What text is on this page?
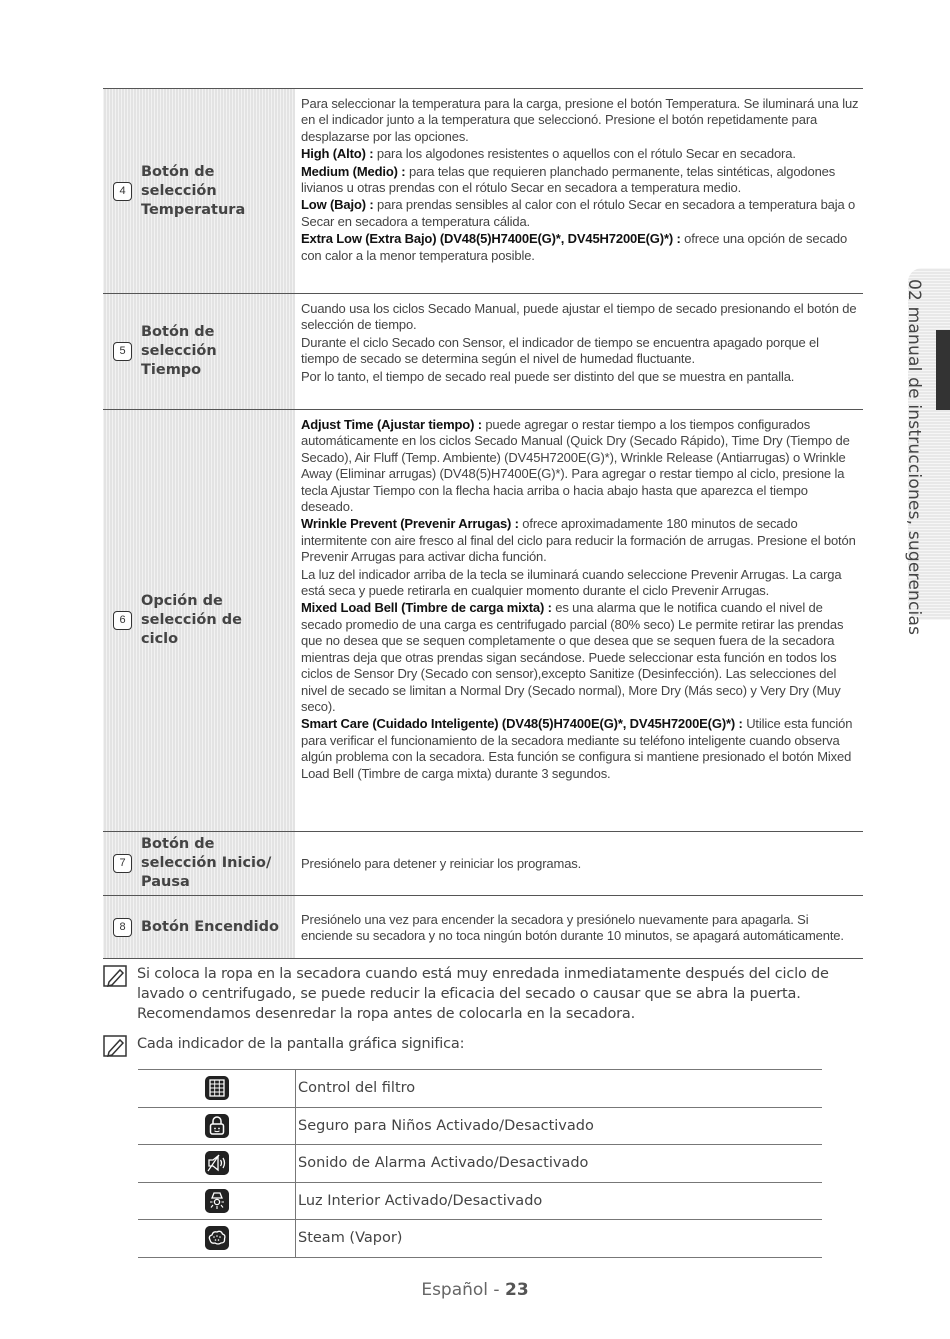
02 manual de instrucciones, sugerencias
4
Botón de
selección
Temperatura

Para seleccionar la temperatura para la carga, presione el botón Temperatura. Se iluminará una luz en el indicador junto a la temperatura que seleccionó. Presione el botón repetidamente para desplazarse por las opciones.

High (Alto) : para los algodones resistentes o aquellos con el rótulo Secar en secadora.

Medium (Medio) : para telas que requieren planchado permanente, telas sintéticas, algodones livianos u otras prendas con el rótulo Secar en secadora a temperatura medio.

Low (Bajo) : para prendas sensibles al calor con el rótulo Secar en secadora a temperatura baja o Secar en secadora a temperatura cálida.

Extra Low (Extra Bajo) (DV48(5)H7400E(G)*, DV45H7200E(G)*) : ofrece una opción de secado con calor a la menor temperatura posible.

5
Botón de
selección
Tiempo

Cuando usa los ciclos Secado Manual, puede ajustar el tiempo de secado presionando el botón de selección de tiempo.

Durante el ciclo Secado con Sensor, el indicador de tiempo se encuentra apagado porque el tiempo de secado se determina según el nivel de humedad fluctuante.

Por lo tanto, el tiempo de secado real puede ser distinto del que se muestra en pantalla.

6
Opción de
selección de
ciclo

Adjust Time (Ajustar tiempo) : puede agregar o restar tiempo a los tiempos configurados automáticamente en los ciclos Secado Manual (Quick Dry (Secado Rápido), Time Dry (Tiempo de Secado), Air Fluff (Temp. Ambiente) (DV45H7200E(G)*), Wrinkle Release (Antiarrugas) o Wrinkle Away (Eliminar arrugas) (DV48(5)H7400E(G)*). Para agregar o restar tiempo al ciclo, presione la tecla Ajustar Tiempo con la flecha hacia arriba o hacia abajo hasta que aparezca el tiempo deseado.

Wrinkle Prevent (Prevenir Arrugas) : ofrece aproximadamente 180 minutos de secado intermitente con aire fresco al final del ciclo para reducir la formación de arrugas. Presione el botón Prevenir Arrugas para activar dicha función.

La luz del indicador arriba de la tecla se iluminará cuando seleccione Prevenir Arrugas. La carga está seca y puede retirarla en cualquier momento durante el ciclo Prevenir Arrugas.

Mixed Load Bell (Timbre de carga mixta) : es una alarma que le notifica cuando el nivel de secado promedio de una carga es centrifugado parcial (80% seco) Le permite retirar las prendas que no desea que se sequen completamente o que desea que se sequen fuera de la secadora mientras deja que otras prendas sigan secándose. Puede seleccionar esta función en todos los ciclos de Sensor Dry (Secado con sensor),excepto Sanitize (Desinfección). Las selecciones del nivel de secado se limitan a Normal Dry (Secado normal), More Dry (Más seco) y Very Dry (Muy seco).

Smart Care (Cuidado Inteligente) (DV48(5)H7400E(G)*, DV45H7200E(G)*) : Utilice esta función para verificar el funcionamiento de la secadora mediante su teléfono inteligente cuando observa algún problema con la secadora. Esta función se configura si mantiene presionado el botón Mixed Load Bell (Timbre de carga mixta) durante 3 segundos.

7
Botón de
selección Inicio/
Pausa

Presiónelo para detener y reiniciar los programas.

8	Botón Encendido Presiónelo una vez para encender la secadora y presiónelo nuevamente para apagarla. Si enciende su secadora y no toca ningún botón durante 10 minutos, se apagará automáticamente.

Si coloca la ropa en la secadora cuando está muy enredada inmediatamente después del ciclo de lavado o centrifugado, se puede reducir la eficacia del secado o causar que se abra la puerta. Recomendamos desenredar la ropa antes de colocarla en la secadora.
Cada indicador de la pantalla gráfica significa:
Control del filtro
Seguro para Niños Activado/Desactivado
Sonido de Alarma Activado/Desactivado
Luz Interior Activado/Desactivado
Steam (Vapor)
Español - 23
